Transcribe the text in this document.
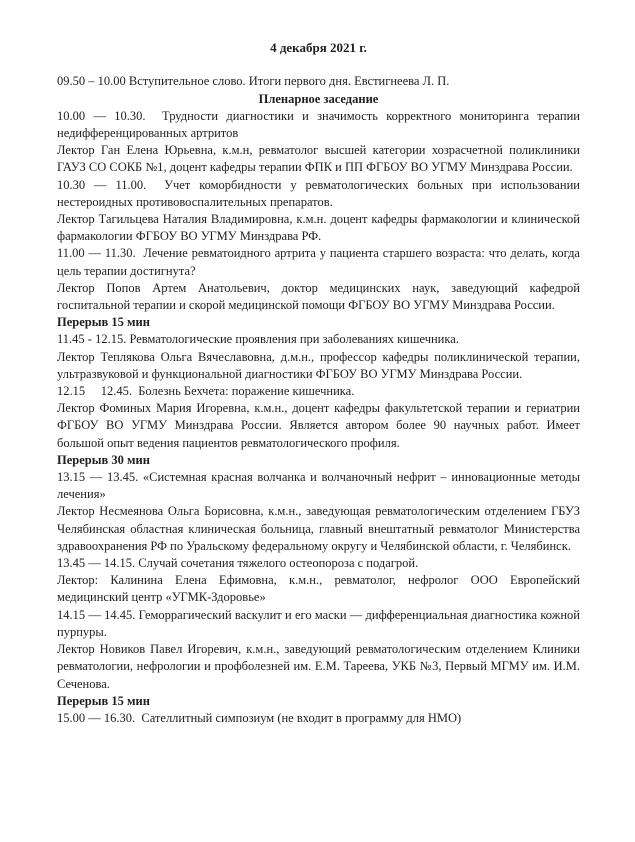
4 декабря 2021 г.

09.50 – 10.00 Вступительное слово. Итоги первого дня. Евстигнеева Л. П.

Пленарное заседание

10.00 — 10.30.  Трудности диагностики и значимость корректного мониторинга терапии недифференцированных артритов

Лектор Ган Елена Юрьевна, к.м.н, ревматолог высшей категории хозрасчетной поликлиники ГАУЗ СО СОКБ №1, доцент кафедры терапии ФПК и ПП ФГБОУ ВО УГМУ Минздрава России.

10.30 — 11.00.  Учет коморбидности у ревматологических больных при использовании нестероидных противовоспалительных препаратов.

Лектор Тагильцева Наталия Владимировна, к.м.н. доцент кафедры фармакологии и клинической фармакологии ФГБОУ ВО УГМУ Минздрава РФ.

11.00 — 11.30.  Лечение ревматоидного артрита у пациента старшего возраста: что делать, когда цель терапии достигнута?

Лектор Попов Артем Анатольевич, доктор медицинских наук, заведующий кафедрой госпитальной терапии и скорой медицинской помощи ФГБОУ ВО УГМУ Минздрава России.

Перерыв 15 мин

11.45 - 12.15. Ревматологические проявления при заболеваниях кишечника.

Лектор Теплякова Ольга Вячеславовна, д.м.н., профессор кафедры поликлинической терапии, ультразвуковой и функциональной диагностики ФГБОУ ВО УГМУ Минздрава России.

12.15     12.45.  Болезнь Бехчета: поражение кишечника.

Лектор Фоминых Мария Игоревна, к.м.н., доцент кафедры факультетской терапии и гериатрии ФГБОУ ВО УГМУ Минздрава России. Является автором более 90 научных работ. Имеет большой опыт ведения пациентов ревматологического профиля.

Перерыв 30 мин

13.15 — 13.45. «Системная красная волчанка и волчаночный нефрит – инновационные методы лечения»

Лектор Несмеянова Ольга Борисовна, к.м.н., заведующая ревматологическим отделением ГБУЗ Челябинская областная клиническая больница, главный внештатный ревматолог Министерства здравоохранения РФ по Уральскому федеральному округу и Челябинской области, г. Челябинск.

13.45 — 14.15. Случай сочетания тяжелого остеопороза с подагрой.

Лектор: Калинина Елена Ефимовна, к.м.н., ревматолог, нефролог ООО Европейский медицинский центр «УГМК-Здоровье»

14.15 — 14.45. Геморрагический васкулит и его маски — дифференциальная диагностика кожной пурпуры.

Лектор Новиков Павел Игоревич, к.м.н., заведующий ревматологическим отделением Клиники ревматологии, нефрологии и профболезней им. Е.М. Тареева, УКБ №3, Первый МГМУ им. И.М. Сеченова.

Перерыв 15 мин

15.00 — 16.30.  Сателлитный симпозиум (не входит в программу для НМО)
